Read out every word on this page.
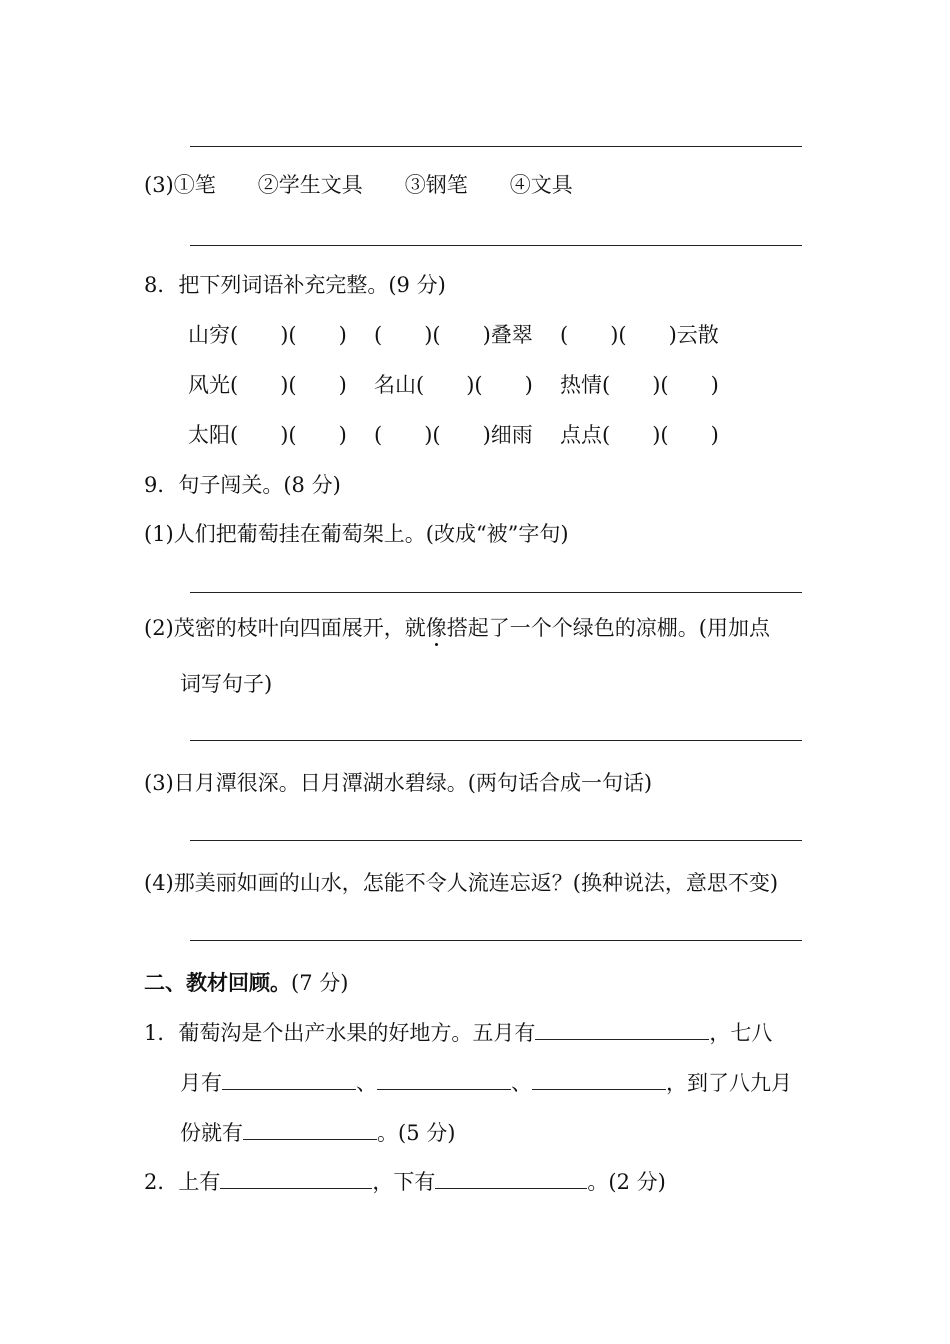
(3)①笔　　②学生文具　　③钢笔　　④文具
8．把下列词语补充完整。(9 分)
山穷(　　)(　　) (　　)(　　)叠翠 (　　)(　　)云散
风光(　　)(　　) 名山(　　)(　　) 热情(　　)(　　)
太阳(　　)(　　) (　　)(　　)细雨 点点(　　)(　　)
9．句子闯关。(8 分)
(1)人们把葡萄挂在葡萄架上。(改成“被”字句)
(2)茂密的枝叶向四面展开，就像搭起了一个个绿色的凉棚。(用加点
词写句子)
(3)日月潭很深。日月潭湖水碧绿。(两句话合成一句话)
(4)那美丽如画的山水，怎能不令人流连忘返？(换种说法，意思不变)
二、教材回顾。(7 分)
1．葡萄沟是个出产水果的好地方。五月有	，七八
月有	、	、	，到了八九月
份就有	。(5 分)
2．上有	，下有	。(2 分)
